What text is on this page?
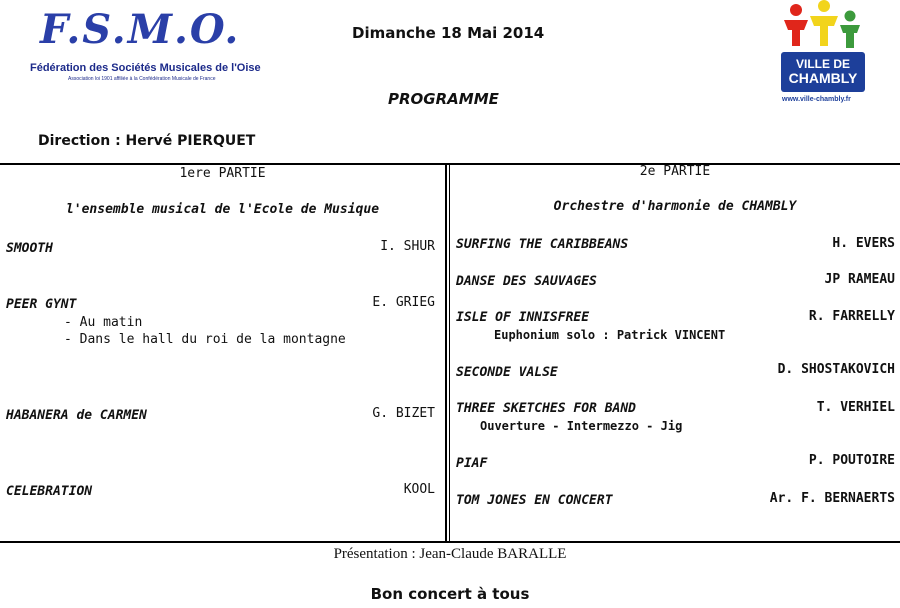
F.S.M.O.
Fédération des Sociétés Musicales de l'Oise
Association loi 1901 affiliée à la Confédération Musicale de France
Dimanche 18 Mai 2014
PROGRAMME
Direction : Hervé PIERQUET
VILLE DE
CHAMBLY
www.ville-chambly.fr
1ere PARTIE
l'ensemble musical de l'Ecole de Musique
SMOOTH	I. SHUR
PEER GYNT	E. GRIEG
- Au matin
- Dans le hall du roi de la montagne
HABANERA de CARMEN	G. BIZET
CELEBRATION	KOOL
2e PARTIE
Orchestre d'harmonie de CHAMBLY
SURFING THE CARIBBEANS	H. EVERS
DANSE DES SAUVAGES	JP RAMEAU
ISLE OF INNISFREE	R. FARRELLY
Euphonium solo : Patrick VINCENT
SECONDE VALSE	D. SHOSTAKOVICH
THREE SKETCHES FOR BAND	T. VERHIEL
Ouverture - Intermezzo - Jig
PIAF	P. POUTOIRE
TOM JONES EN CONCERT	Ar. F. BERNAERTS
Présentation : Jean-Claude BARALLE
Bon concert à tous
